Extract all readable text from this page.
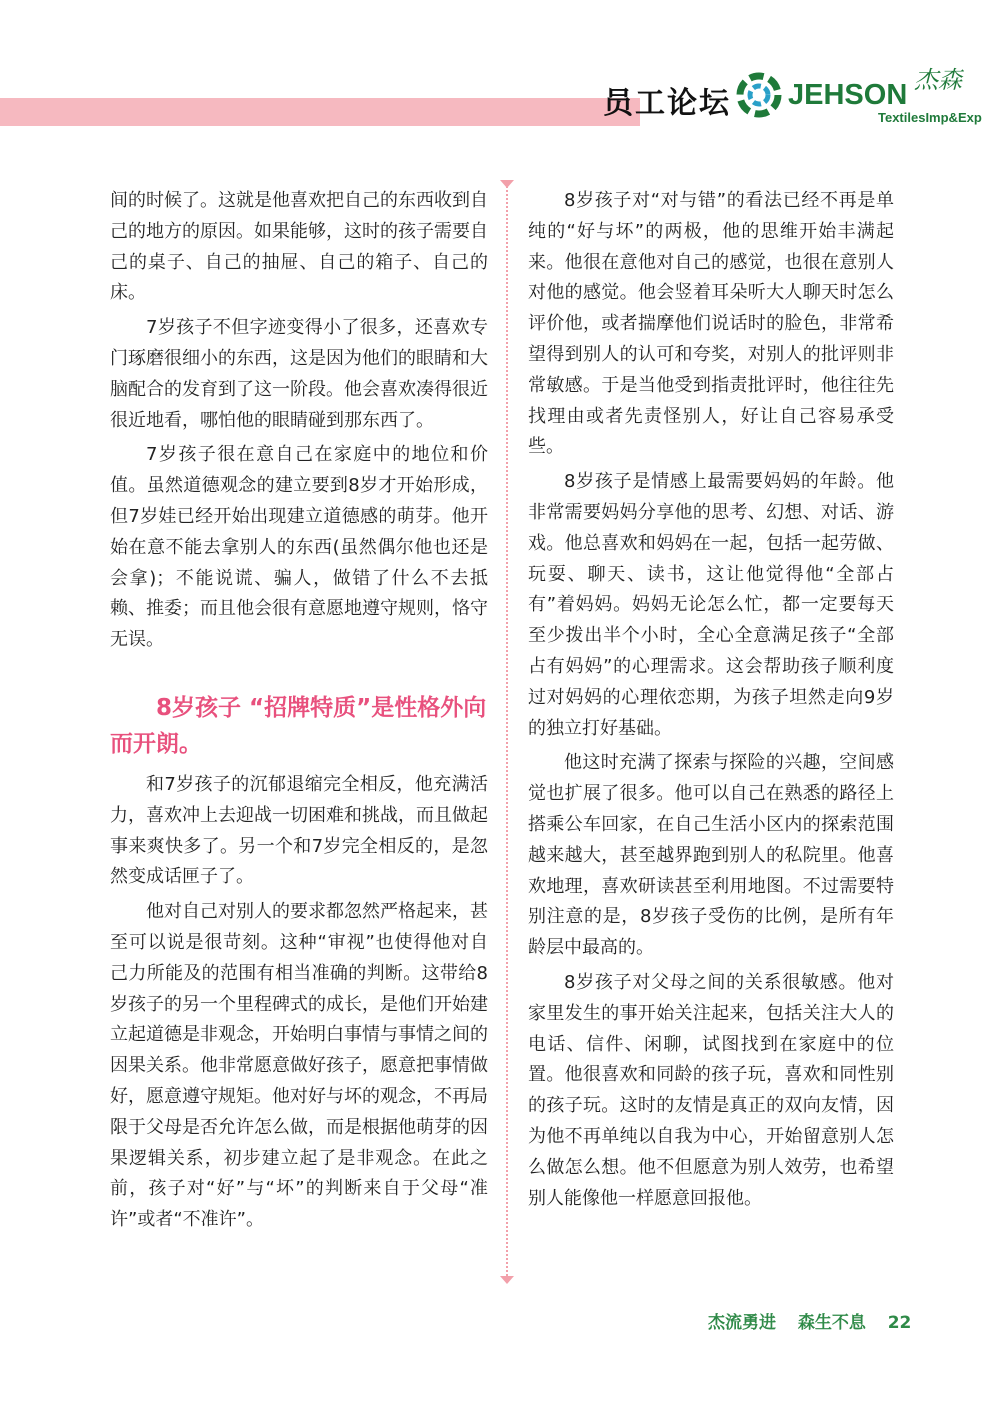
员工论坛 JEHSON 杰森
TextilesImp&Exp

间的时候了。这就是他喜欢把自己的东西收到自己的地方的原因。如果能够，这时的孩子需要自己的桌子、自己的抽屉、自己的箱子、自己的床。

7岁孩子不但字迹变得小了很多，还喜欢专门琢磨很细小的东西，这是因为他们的眼睛和大脑配合的发育到了这一阶段。他会喜欢凑得很近很近地看，哪怕他的眼睛碰到那东西了。

7岁孩子很在意自己在家庭中的地位和价值。虽然道德观念的建立要到8岁才开始形成，但7岁娃已经开始出现建立道德感的萌芽。他开始在意不能去拿别人的东西(虽然偶尔他也还是会拿)；不能说谎、骗人，做错了什么不去抵赖、推委；而且他会很有意愿地遵守规则，恪守无误。

8岁孩子 “招牌特质”是性格外向而开朗。

和7岁孩子的沉郁退缩完全相反，他充满活力，喜欢冲上去迎战一切困难和挑战，而且做起事来爽快多了。另一个和7岁完全相反的，是忽然变成话匣子了。

他对自己对别人的要求都忽然严格起来，甚至可以说是很苛刻。这种“审视”也使得他对自己力所能及的范围有相当准确的判断。这带给8岁孩子的另一个里程碑式的成长，是他们开始建立起道德是非观念，开始明白事情与事情之间的因果关系。他非常愿意做好孩子，愿意把事情做好，愿意遵守规矩。他对好与坏的观念，不再局限于父母是否允许怎么做，而是根据他萌芽的因果逻辑关系，初步建立起了是非观念。在此之前，孩子对“好”与“坏”的判断来自于父母“准许”或者“不准许”。

8岁孩子对“对与错”的看法已经不再是单纯的“好与坏”的两极，他的思维开始丰满起来。他很在意他对自己的感觉，也很在意别人对他的感觉。他会竖着耳朵听大人聊天时怎么评价他，或者揣摩他们说话时的脸色，非常希望得到别人的认可和夸奖，对别人的批评则非常敏感。于是当他受到指责批评时，他往往先找理由或者先责怪别人，好让自己容易承受些。

8岁孩子是情感上最需要妈妈的年龄。他非常需要妈妈分享他的思考、幻想、对话、游戏。他总喜欢和妈妈在一起，包括一起劳做、玩耍、聊天、读书，这让他觉得他“全部占有”着妈妈。妈妈无论怎么忙，都一定要每天至少拨出半个小时，全心全意满足孩子“全部占有妈妈”的心理需求。这会帮助孩子顺利度过对妈妈的心理依恋期，为孩子坦然走向9岁的独立打好基础。

他这时充满了探索与探险的兴趣，空间感觉也扩展了很多。他可以自己在熟悉的路径上搭乘公车回家，在自己生活小区内的探索范围越来越大，甚至越界跑到别人的私院里。他喜欢地理，喜欢研读甚至利用地图。不过需要特别注意的是，8岁孩子受伤的比例，是所有年龄层中最高的。

8岁孩子对父母之间的关系很敏感。他对家里发生的事开始关注起来，包括关注大人的电话、信件、闲聊，试图找到在家庭中的位置。他很喜欢和同龄的孩子玩，喜欢和同性别的孩子玩。这时的友情是真正的双向友情，因为他不再单纯以自我为中心，开始留意别人怎么做怎么想。他不但愿意为别人效劳，也希望别人能像他一样愿意回报他。

杰流勇进 森生不息 22
